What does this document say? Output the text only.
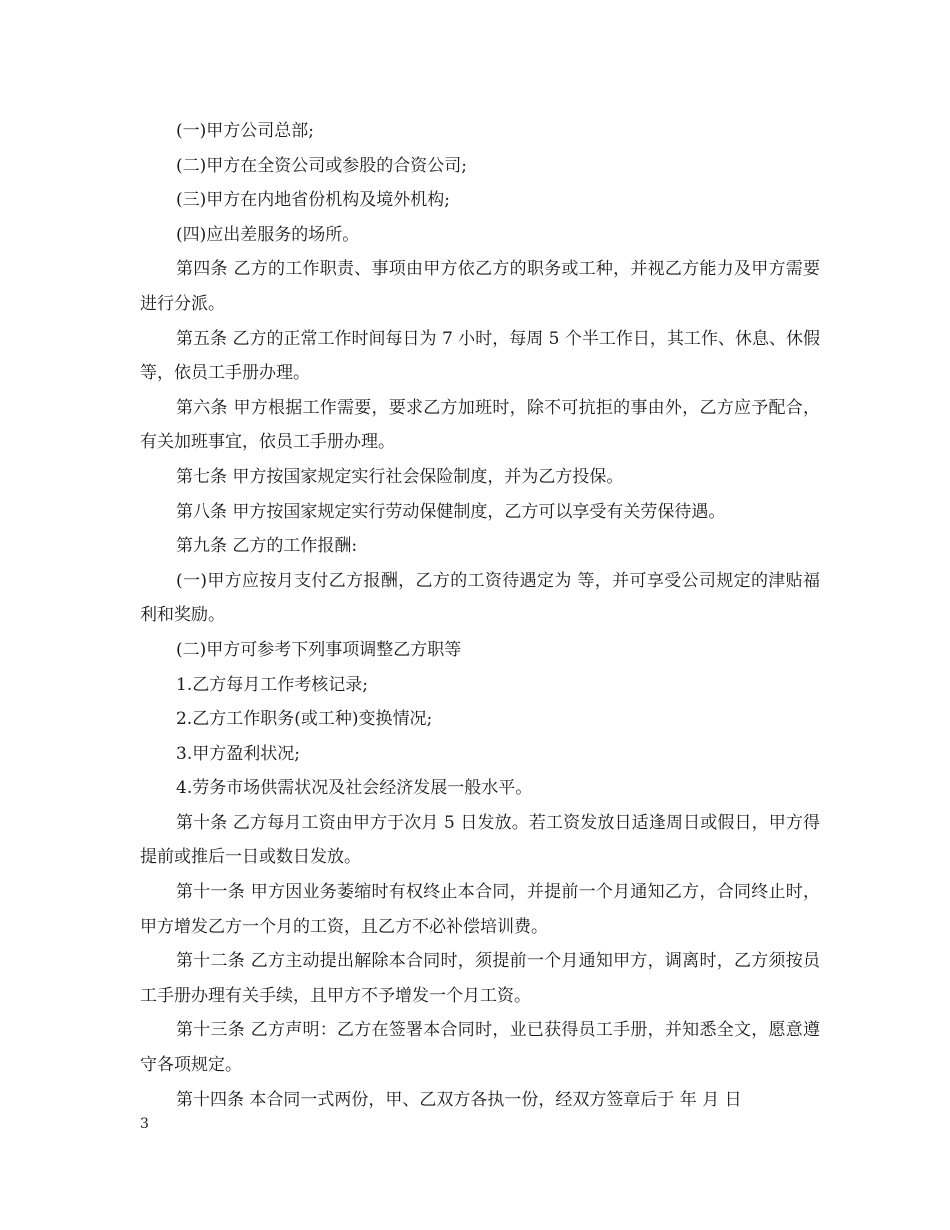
(一)甲方公司总部;

(二)甲方在全资公司或参股的合资公司;

(三)甲方在内地省份机构及境外机构;

(四)应出差服务的场所。

第四条 乙方的工作职责、事项由甲方依乙方的职务或工种，并视乙方能力及甲方需要进行分派。

第五条 乙方的正常工作时间每日为 7 小时，每周 5 个半工作日，其工作、休息、休假等，依员工手册办理。

第六条 甲方根据工作需要，要求乙方加班时，除不可抗拒的事由外，乙方应予配合，有关加班事宜，依员工手册办理。

第七条 甲方按国家规定实行社会保险制度，并为乙方投保。

第八条 甲方按国家规定实行劳动保健制度，乙方可以享受有关劳保待遇。

第九条 乙方的工作报酬:

(一)甲方应按月支付乙方报酬，乙方的工资待遇定为 等，并可享受公司规定的津贴福利和奖励。

(二)甲方可参考下列事项调整乙方职等

1.乙方每月工作考核记录;

2.乙方工作职务(或工种)变换情况;

3.甲方盈利状况;

4.劳务市场供需状况及社会经济发展一般水平。

第十条 乙方每月工资由甲方于次月 5 日发放。若工资发放日适逢周日或假日，甲方得提前或推后一日或数日发放。

第十一条 甲方因业务萎缩时有权终止本合同，并提前一个月通知乙方，合同终止时，甲方增发乙方一个月的工资，且乙方不必补偿培训费。

第十二条 乙方主动提出解除本合同时，须提前一个月通知甲方，调离时，乙方须按员工手册办理有关手续，且甲方不予增发一个月工资。

第十三条 乙方声明：乙方在签署本合同时，业已获得员工手册，并知悉全文，愿意遵守各项规定。

第十四条 本合同一式两份，甲、乙双方各执一份，经双方签章后于 年 月 日

3
